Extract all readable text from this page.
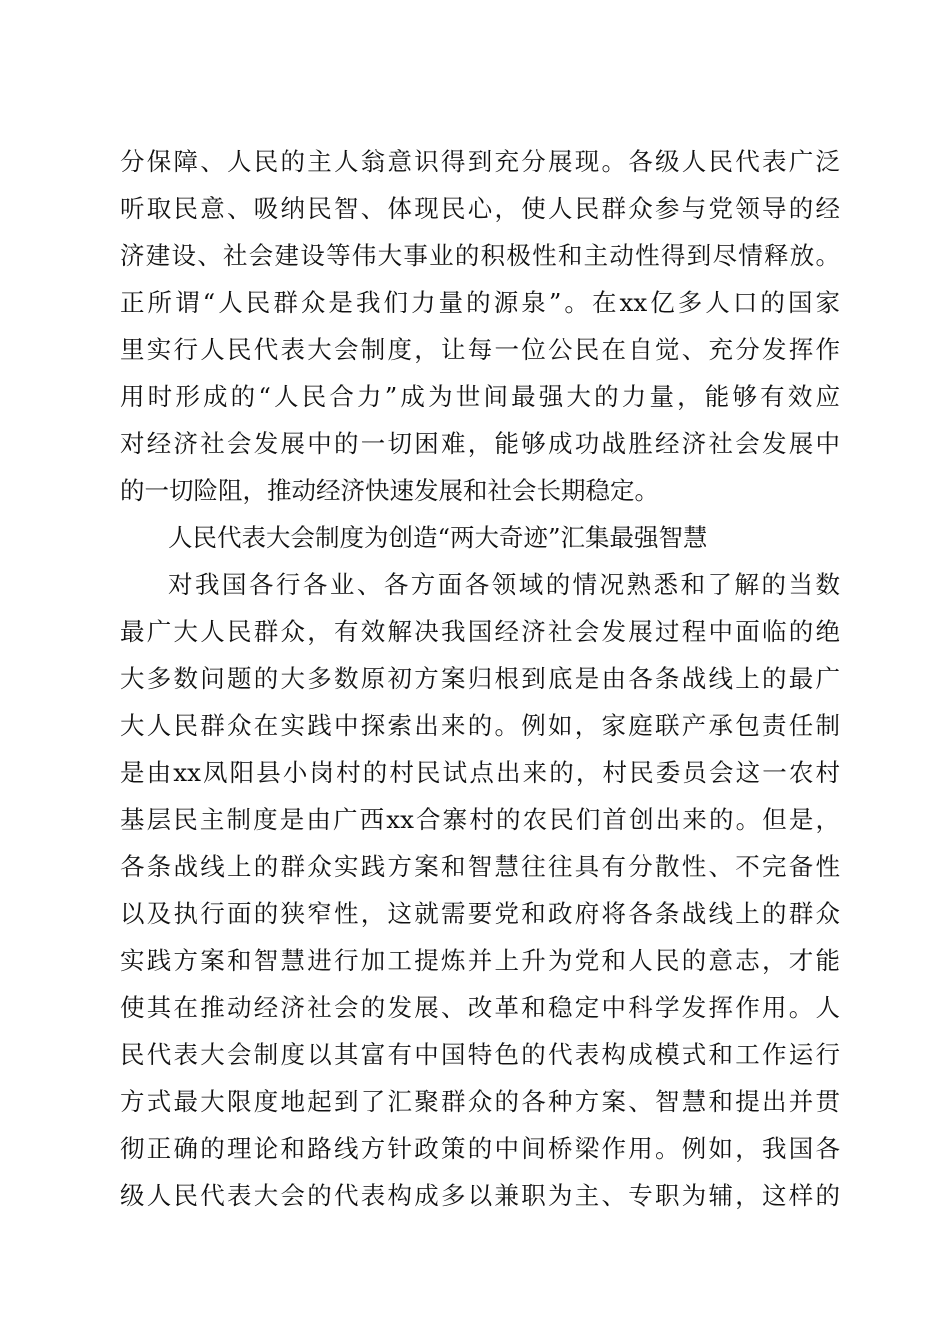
分保障、人民的主人翁意识得到充分展现。各级人民代表广泛

听取民意、吸纳民智、体现民心，使人民群众参与党领导的经

济建设、社会建设等伟大事业的积极性和主动性得到尽情释放。

正所谓“人民群众是我们力量的源泉”。在xx亿多人口的国家

里实行人民代表大会制度，让每一位公民在自觉、充分发挥作

用时形成的“人民合力”成为世间最强大的力量，能够有效应

对经济社会发展中的一切困难，能够成功战胜经济社会发展中

的一切险阻，推动经济快速发展和社会长期稳定。

人民代表大会制度为创造“两大奇迹”汇集最强智慧

对我国各行各业、各方面各领域的情况熟悉和了解的当数

最广大人民群众，有效解决我国经济社会发展过程中面临的绝

大多数问题的大多数原初方案归根到底是由各条战线上的最广

大人民群众在实践中探索出来的。例如，家庭联产承包责任制

是由xx凤阳县小岗村的村民试点出来的，村民委员会这一农村

基层民主制度是由广西xx合寨村的农民们首创出来的。但是，

各条战线上的群众实践方案和智慧往往具有分散性、不完备性

以及执行面的狭窄性，这就需要党和政府将各条战线上的群众

实践方案和智慧进行加工提炼并上升为党和人民的意志，才能

使其在推动经济社会的发展、改革和稳定中科学发挥作用。人

民代表大会制度以其富有中国特色的代表构成模式和工作运行

方式最大限度地起到了汇聚群众的各种方案、智慧和提出并贯

彻正确的理论和路线方针政策的中间桥梁作用。例如，我国各

级人民代表大会的代表构成多以兼职为主、专职为辅，这样的
